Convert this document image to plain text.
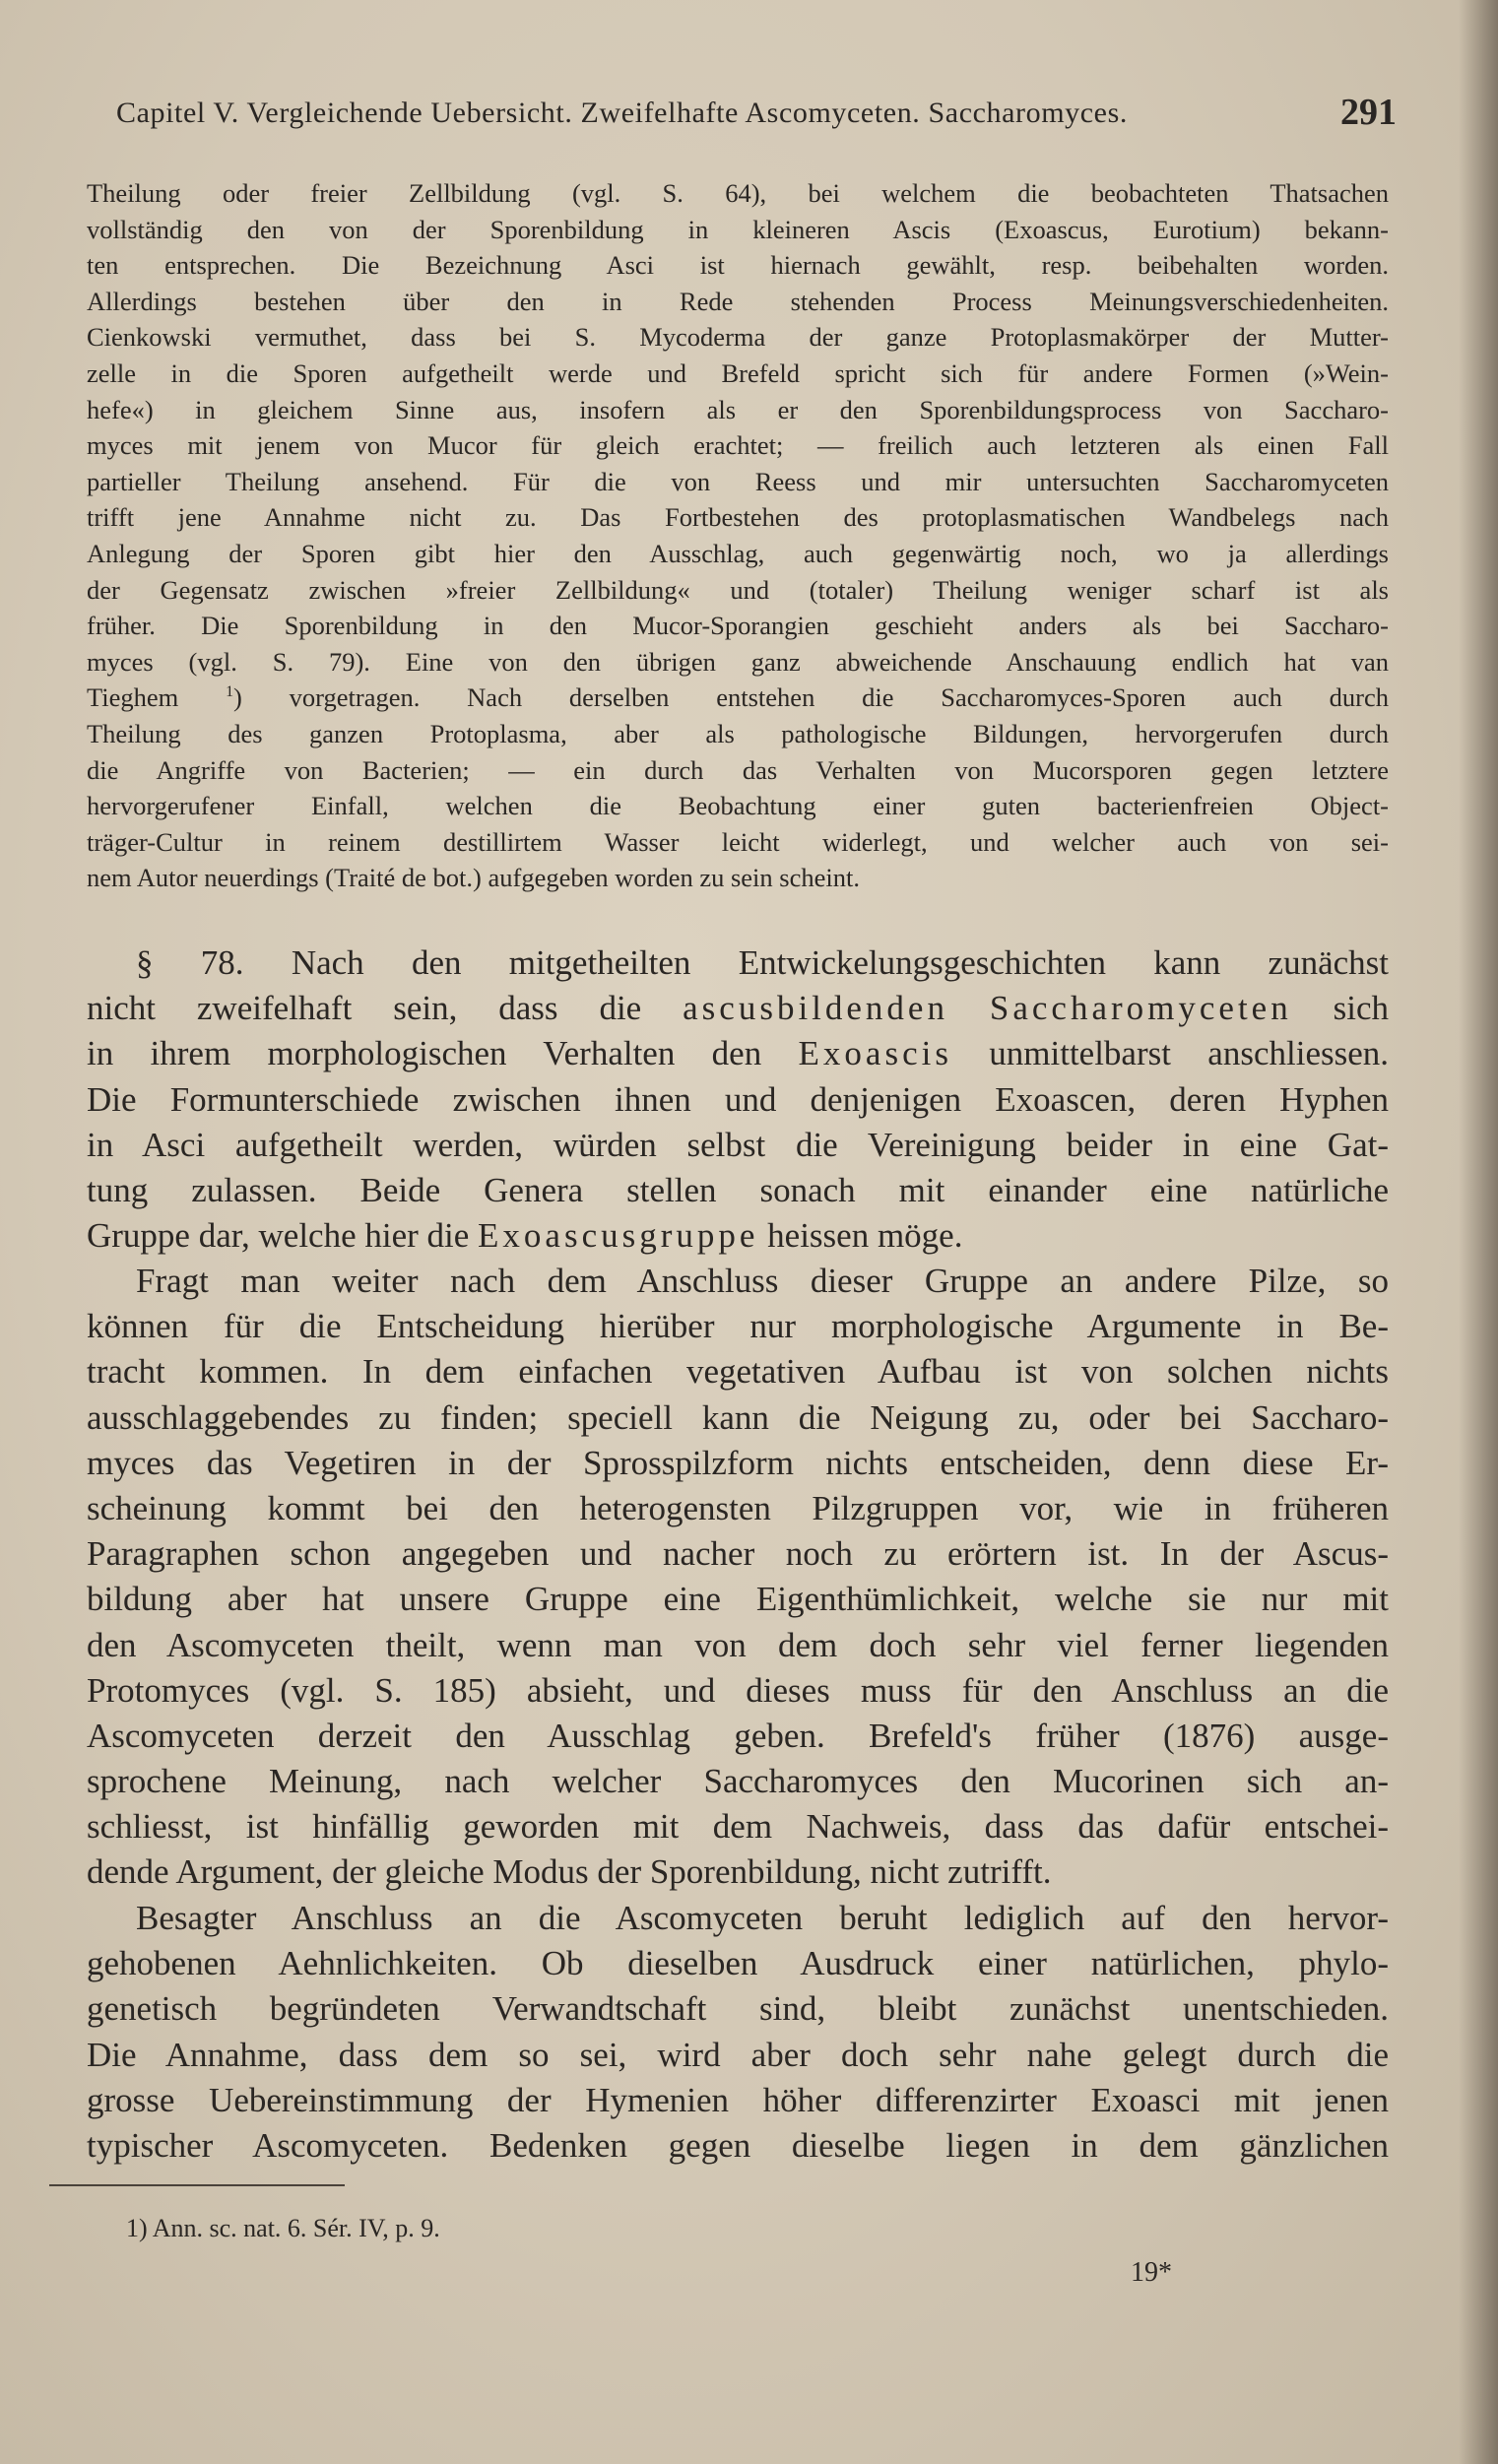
Capitel V. Vergleichende Uebersicht. Zweifelhafte Ascomyceten. Saccharomyces.	291
Theilung oder freier Zellbildung (vgl. S. 64), bei welchem die beobachteten Thatsachen
vollständig den von der Sporenbildung in kleineren Ascis (Exoascus, Eurotium) bekann-
ten entsprechen. Die Bezeichnung Asci ist hiernach gewählt, resp. beibehalten worden.
Allerdings bestehen über den in Rede stehenden Process Meinungsverschiedenheiten.
Cienkowski vermuthet, dass bei S. Mycoderma der ganze Protoplasmakörper der Mutter-
zelle in die Sporen aufgetheilt werde und Brefeld spricht sich für andere Formen (»Wein-
hefe«) in gleichem Sinne aus, insofern als er den Sporenbildungsprocess von Saccharo-
myces mit jenem von Mucor für gleich erachtet; — freilich auch letzteren als einen Fall
partieller Theilung ansehend. Für die von Reess und mir untersuchten Saccharomyceten
trifft jene Annahme nicht zu. Das Fortbestehen des protoplasmatischen Wandbelegs nach
Anlegung der Sporen gibt hier den Ausschlag, auch gegenwärtig noch, wo ja allerdings
der Gegensatz zwischen »freier Zellbildung« und (totaler) Theilung weniger scharf ist als
früher. Die Sporenbildung in den Mucor-Sporangien geschieht anders als bei Saccharo-
myces (vgl. S. 79). Eine von den übrigen ganz abweichende Anschauung endlich hat van
Tieghem $^1$) vorgetragen. Nach derselben entstehen die Saccharomyces-Sporen auch durch
Theilung des ganzen Protoplasma, aber als pathologische Bildungen, hervorgerufen durch
die Angriffe von Bacterien; — ein durch das Verhalten von Mucorsporen gegen letztere
hervorgerufener Einfall, welchen die Beobachtung einer guten bacterienfreien Object-
träger-Cultur in reinem destillirtem Wasser leicht widerlegt, und welcher auch von sei-
nem Autor neuerdings (Traité de bot.) aufgegeben worden zu sein scheint.
§ 78. Nach den mitgetheilten Entwickelungsgeschichten kann zunächst
nicht zweifelhaft sein, dass die ascusbildenden Saccharomyceten sich
in ihrem morphologischen Verhalten den Exoascis unmittelbarst anschliessen.
Die Formunterschiede zwischen ihnen und denjenigen Exoascen, deren Hyphen
in Asci aufgetheilt werden, würden selbst die Vereinigung beider in eine Gat-
tung zulassen. Beide Genera stellen sonach mit einander eine natürliche
Gruppe dar, welche hier die Exoascusgruppe heissen möge.
Fragt man weiter nach dem Anschluss dieser Gruppe an andere Pilze, so
können für die Entscheidung hierüber nur morphologische Argumente in Be-
tracht kommen. In dem einfachen vegetativen Aufbau ist von solchen nichts
ausschlaggebendes zu finden; speciell kann die Neigung zu, oder bei Saccharo-
myces das Vegetiren in der Sprosspilzform nichts entscheiden, denn diese Er-
scheinung kommt bei den heterogensten Pilzgruppen vor, wie in früheren
Paragraphen schon angegeben und nacher noch zu erörtern ist. In der Ascus-
bildung aber hat unsere Gruppe eine Eigenthümlichkeit, welche sie nur mit
den Ascomyceten theilt, wenn man von dem doch sehr viel ferner liegenden
Protomyces (vgl. S. 185) absieht, und dieses muss für den Anschluss an die
Ascomyceten derzeit den Ausschlag geben. Brefeld's früher (1876) ausge-
sprochene Meinung, nach welcher Saccharomyces den Mucorinen sich an-
schliesst, ist hinfällig geworden mit dem Nachweis, dass das dafür entschei-
dende Argument, der gleiche Modus der Sporenbildung, nicht zutrifft.
Besagter Anschluss an die Ascomyceten beruht lediglich auf den hervor-
gehobenen Aehnlichkeiten. Ob dieselben Ausdruck einer natürlichen, phylo-
genetisch begründeten Verwandtschaft sind, bleibt zunächst unentschieden.
Die Annahme, dass dem so sei, wird aber doch sehr nahe gelegt durch die
grosse Uebereinstimmung der Hymenien höher differenzirter Exoasci mit jenen
typischer Ascomyceten. Bedenken gegen dieselbe liegen in dem gänzlichen
1) Ann. sc. nat. 6. Sér. IV, p. 9.
19*
